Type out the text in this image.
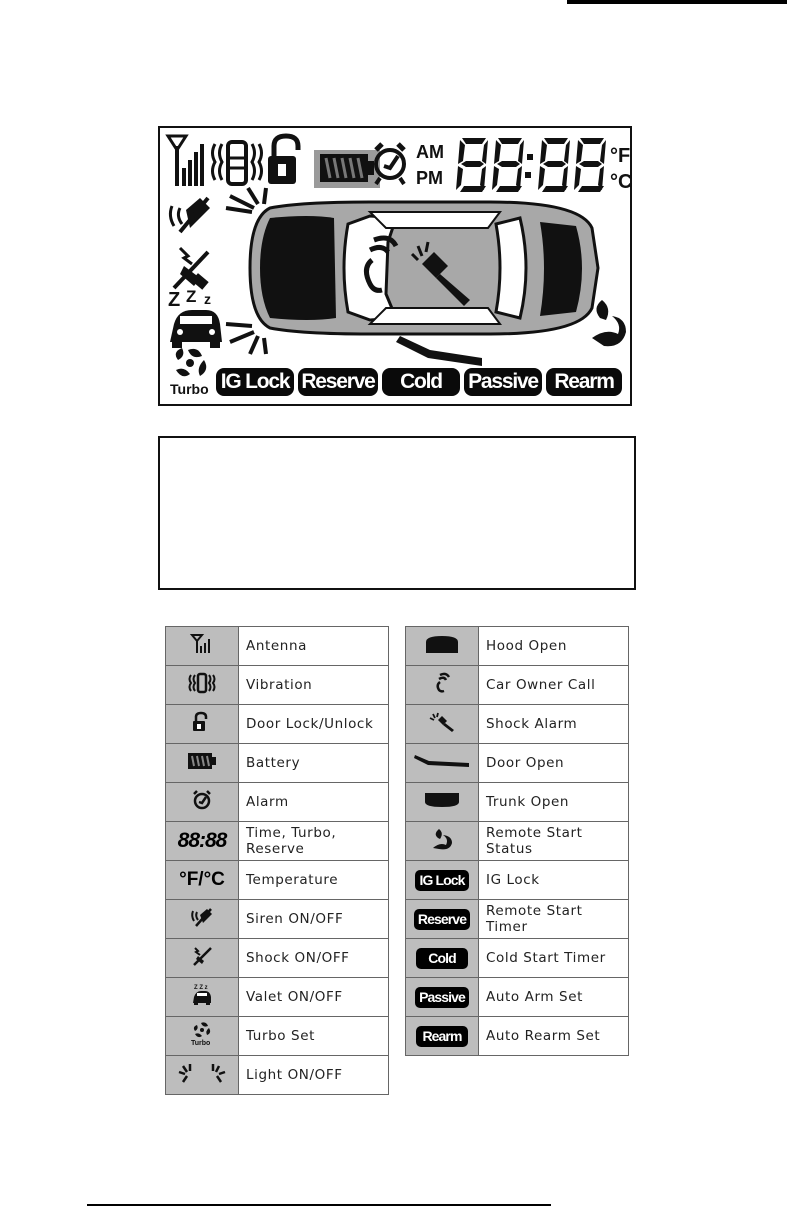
Z Z z
°F
°C
AM
PM
Turbo IG Lock Reserve	Cold	Passive Rearm
	Antenna
	Vibration
	Door Lock/Unlock
	Battery
	Alarm
88:88	Time, Turbo, Reserve
°F/°C	Temperature
	Siren ON/OFF
	Shock ON/OFF

Z Z z	Valet ON/OFF

Turbo	Turbo Set
	Light ON/OFF
	Hood Open
	Car Owner Call
	Shock Alarm
	Door Open
	Trunk Open
	Remote Start Status
IG Lock	IG Lock
Reserve	Remote Start Timer
Cold	Cold Start Timer
Passive	Auto Arm Set
Rearm	Auto Rearm Set
